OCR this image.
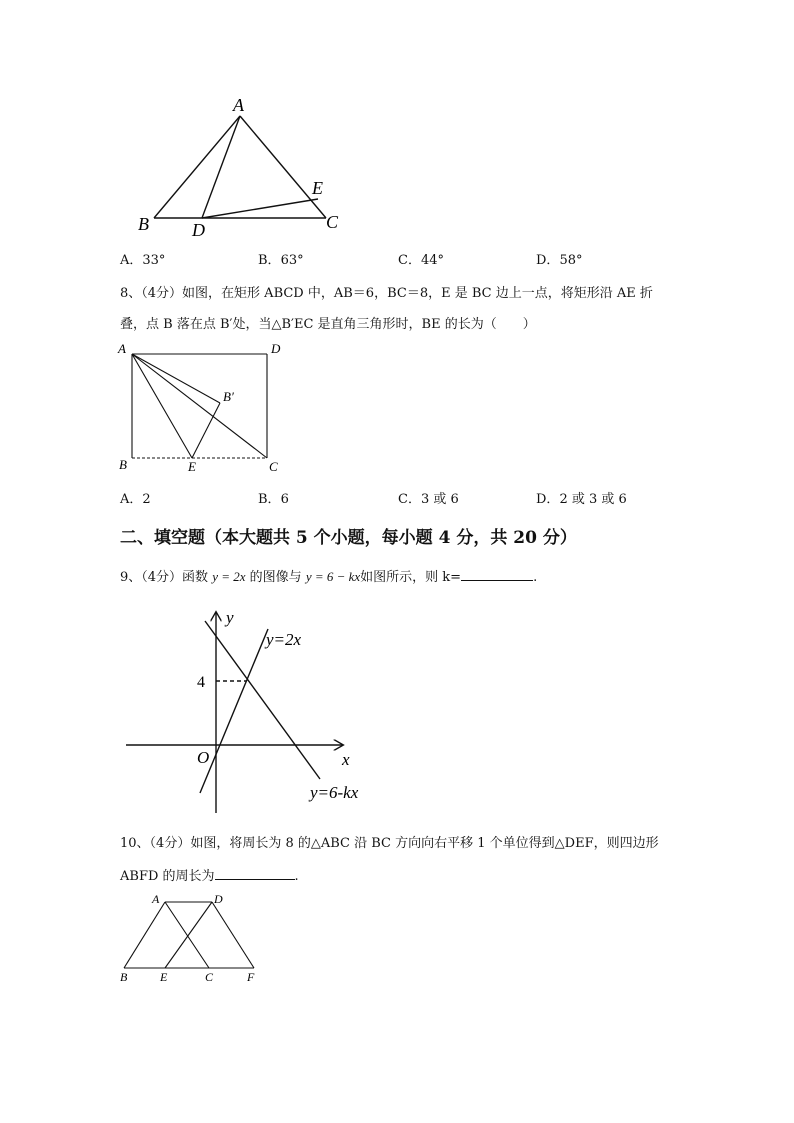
A
B	C
D
E
A．33°	B．63°	C．44°	D．58°
8、（4分）如图，在矩形 ABCD 中，AB＝6，BC＝8，E 是 BC 边上一点，将矩形沿 AE 折
叠，点 B 落在点 B′处，当△B′EC 是直角三角形时，BE 的长为（　　）
A	D
B′
B	E	C
A．2	B．6	C．3 或 6	D．2 或 3 或 6
二、填空题（本大题共 5 个小题，每小题 4 分，共 20 分）
9、（4分）函数 y = 2x 的图像与 y = 6 − kx如图所示，则 k=	.
y
x
O
4
y=2x
y=6-kx
10、（4分）如图，将周长为 8 的△ABC 沿 BC 方向向右平移 1 个单位得到△DEF，则四边形
ABFD 的周长为	.
A	D
B	E	C	F
